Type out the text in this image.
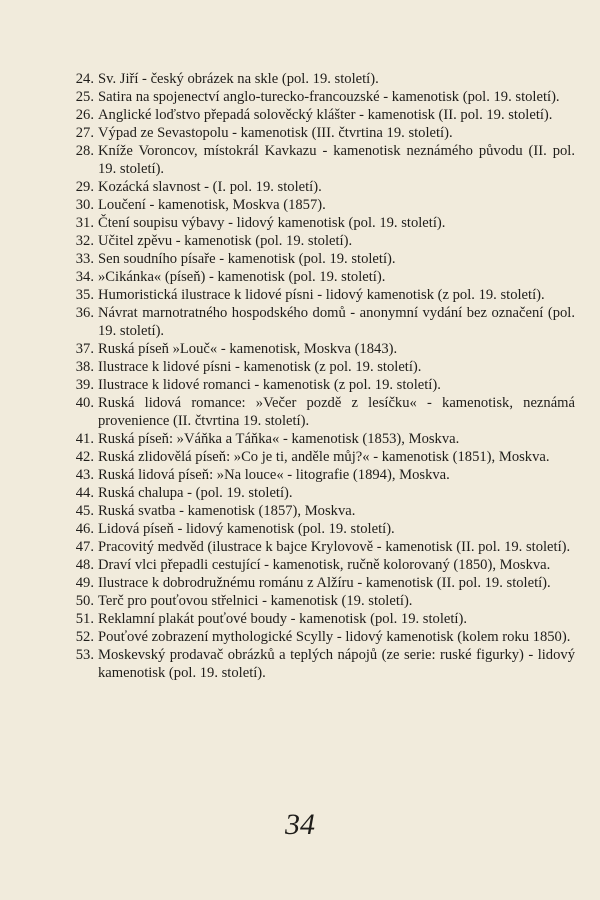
24. Sv. Jiří - český obrázek na skle (pol. 19. století).
25. Satira na spojenectví anglo-turecko-francouzské - kamenotisk (pol. 19. století).
26. Anglické loďstvo přepadá solověcký klášter - kamenotisk (II. pol. 19. století).
27. Výpad ze Sevastopolu - kamenotisk (III. čtvrtina 19. století).
28. Kníže Voroncov, místokrál Kavkazu - kamenotisk neznámého původu (II. pol. 19. století).
29. Kozácká slavnost - (I. pol. 19. století).
30. Loučení - kamenotisk, Moskva (1857).
31. Čtení soupisu výbavy - lidový kamenotisk (pol. 19. století).
32. Učitel zpěvu - kamenotisk (pol. 19. století).
33. Sen soudního písaře - kamenotisk (pol. 19. století).
34. »Cikánka« (píseň) - kamenotisk (pol. 19. století).
35. Humoristická ilustrace k lidové písni - lidový kamenotisk (z pol. 19. století).
36. Návrat marnotratného hospodského domů - anonymní vydání bez označení (pol. 19. století).
37. Ruská píseň »Louč« - kamenotisk, Moskva (1843).
38. Ilustrace k lidové písni - kamenotisk (z pol. 19. století).
39. Ilustrace k lidové romanci - kamenotisk (z pol. 19. století).
40. Ruská lidová romance: »Večer pozdě z lesíčku« - kamenotisk, neznámá provenience (II. čtvrtina 19. století).
41. Ruská píseň: »Váňka a Táňka« - kamenotisk (1853), Moskva.
42. Ruská zlidovělá píseň: »Co je ti, anděle můj?« - kamenotisk (1851), Moskva.
43. Ruská lidová píseň: »Na louce« - litografie (1894), Moskva.
44. Ruská chalupa - (pol. 19. století).
45. Ruská svatba - kamenotisk (1857), Moskva.
46. Lidová píseň - lidový kamenotisk (pol. 19. století).
47. Pracovitý medvěd (ilustrace k bajce Krylovově - kamenotisk (II. pol. 19. století).
48. Draví vlci přepadli cestující - kamenotisk, ručně kolorovaný (1850), Moskva.
49. Ilustrace k dobrodružnému románu z Alžíru - kamenotisk (II. pol. 19. století).
50. Terč pro pouťovou střelnici - kamenotisk (19. století).
51. Reklamní plakát pouťové boudy - kamenotisk (pol. 19. století).
52. Pouťové zobrazení mythologické Scylly - lidový kamenotisk (kolem roku 1850).
53. Moskevský prodavač obrázků a teplých nápojů (ze serie: ruské figurky) - lidový kamenotisk (pol. 19. století).
34
